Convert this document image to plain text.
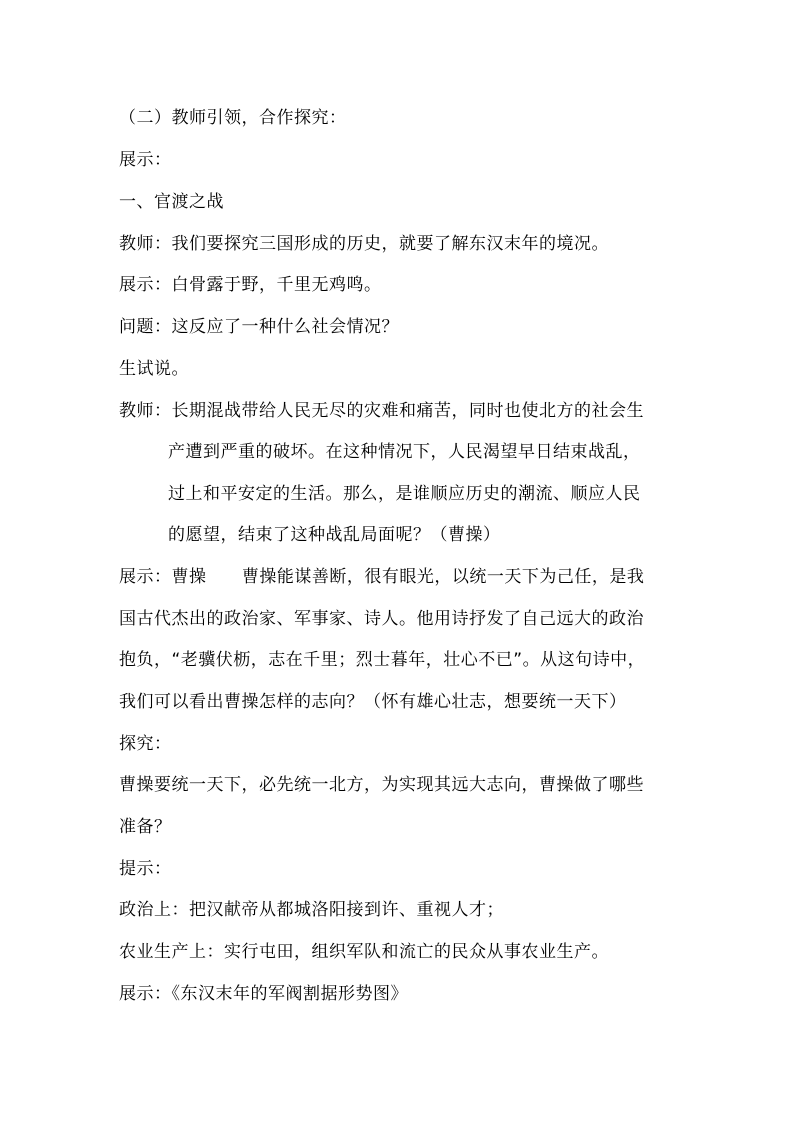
（二）教师引领，合作探究：
展示：
一、官渡之战
教师：我们要探究三国形成的历史，就要了解东汉末年的境况。
展示：白骨露于野，千里无鸡鸣。
问题：这反应了一种什么社会情况？
生试说。
教师：长期混战带给人民无尽的灾难和痛苦，同时也使北方的社会生
产遭到严重的破坏。在这种情况下，人民渴望早日结束战乱，
过上和平安定的生活。那么，是谁顺应历史的潮流、顺应人民
的愿望，结束了这种战乱局面呢？（曹操）
展示：曹操      曹操能谋善断，很有眼光，以统一天下为己任，是我
国古代杰出的政治家、军事家、诗人。他用诗抒发了自己远大的政治
抱负，“老骥伏枥，志在千里；烈士暮年，壮心不已”。从这句诗中，
我们可以看出曹操怎样的志向？（怀有雄心壮志，想要统一天下）
探究：
曹操要统一天下，必先统一北方，为实现其远大志向，曹操做了哪些
准备？
提示：
政治上：把汉献帝从都城洛阳接到许、重视人才；
农业生产上：实行屯田，组织军队和流亡的民众从事农业生产。
展示：《东汉末年的军阀割据形势图》
